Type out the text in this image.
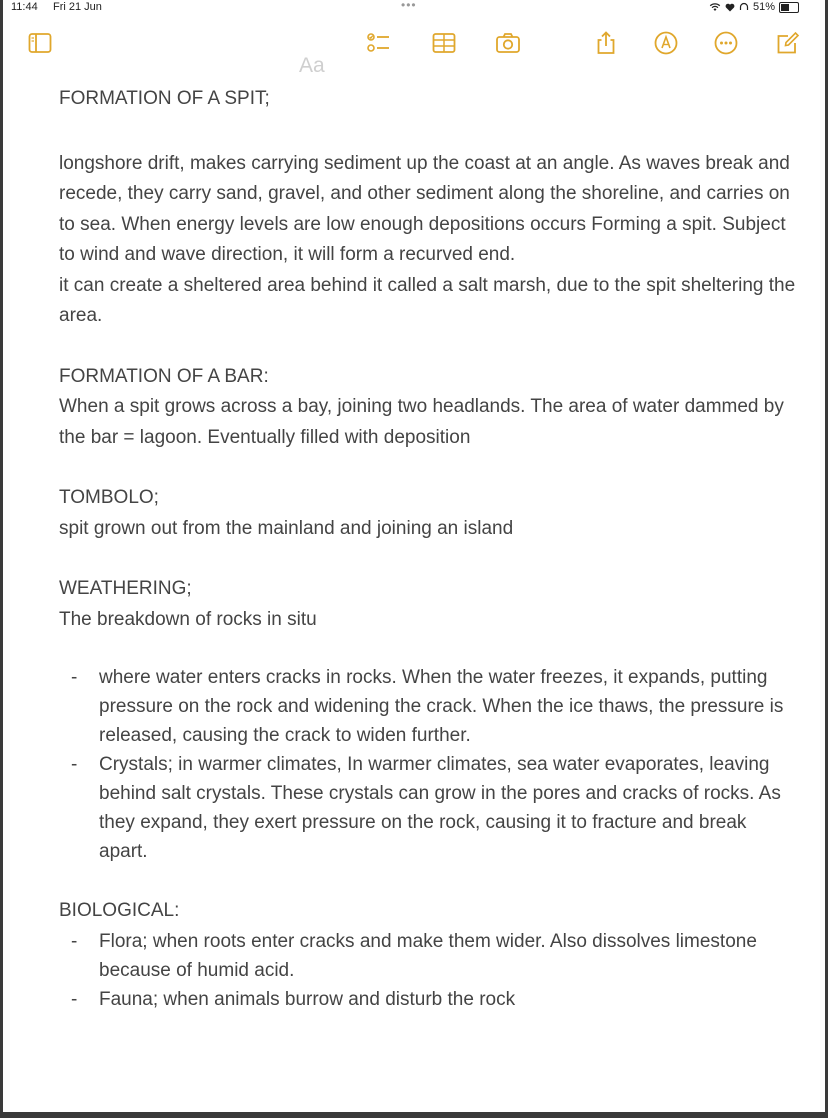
11:44 Fri 21 Jun	•••	51%
Aa

FORMATION OF A SPIT;

longshore drift, makes carrying sediment up the coast at an angle. As waves break and recede, they carry sand, gravel, and other sediment along the shoreline, and carries on to sea. When energy levels are low enough depositions occurs Forming a spit. Subject to wind and wave direction, it will form a recurved end.

it can create a sheltered area behind it called a salt marsh, due to the spit sheltering the area.

FORMATION OF A BAR:

When a spit grows across a bay, joining two headlands. The area of water dammed by the bar = lagoon. Eventually filled with deposition

TOMBOLO;

spit grown out from the mainland and joining an island

WEATHERING;

The breakdown of rocks in situ

- where water enters cracks in rocks. When the water freezes, it expands, putting pressure on the rock and widening the crack. When the ice thaws, the pressure is released, causing the crack to widen further.
- Crystals; in warmer climates, In warmer climates, sea water evaporates, leaving behind salt crystals. These crystals can grow in the pores and cracks of rocks. As they expand, they exert pressure on the rock, causing it to fracture and break apart.

BIOLOGICAL:

- Flora; when roots enter cracks and make them wider. Also dissolves limestone because of humid acid.
- Fauna; when animals burrow and disturb the rock
